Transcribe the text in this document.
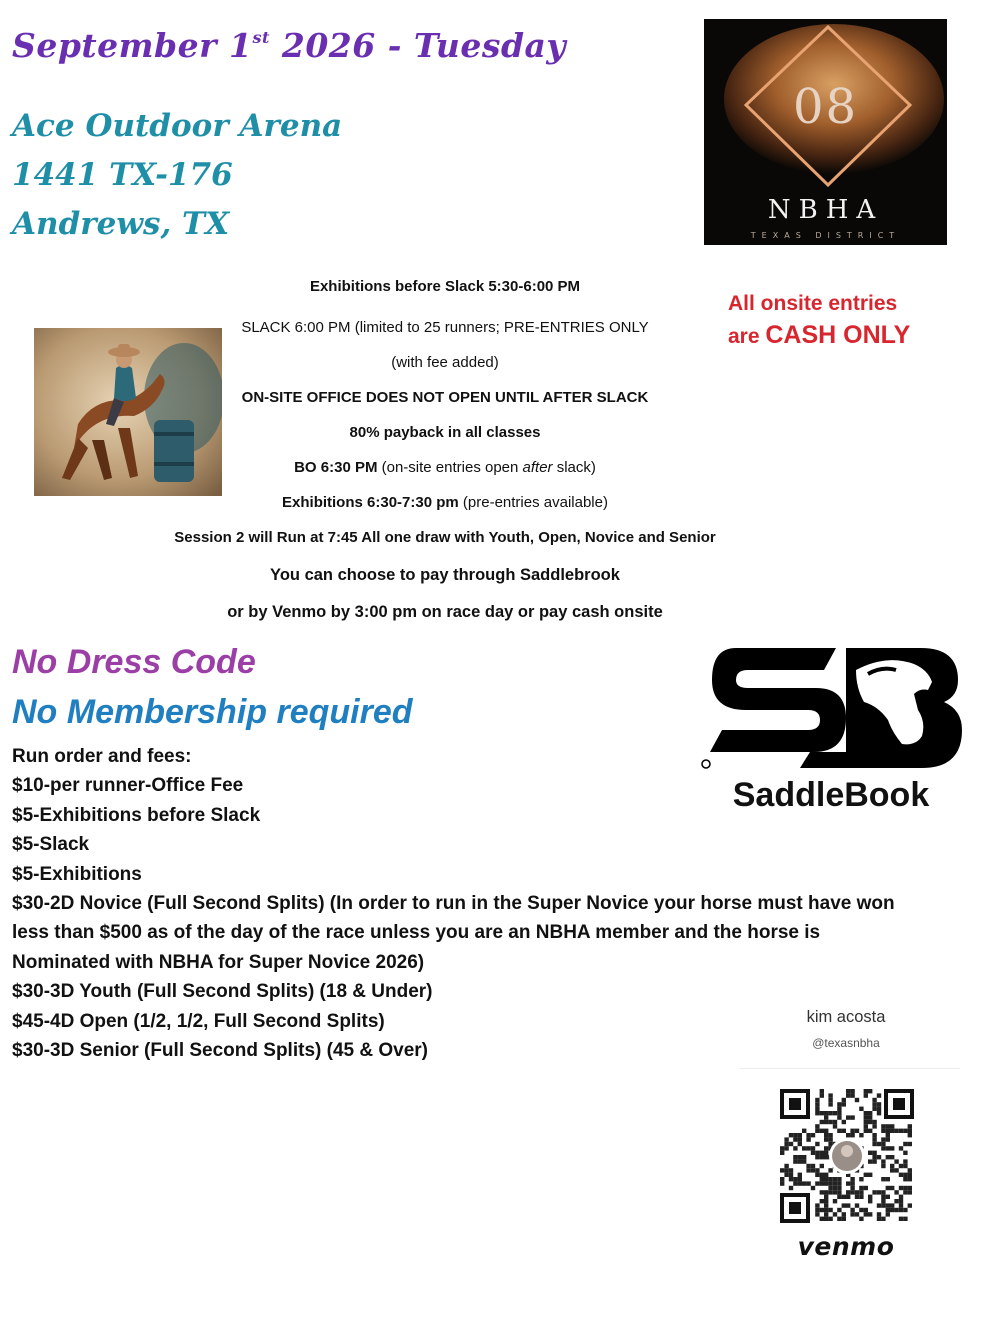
September 1st 2026 - Tuesday
Ace Outdoor Arena
1441 TX-176
Andrews, TX
08
NBHA
TEXAS DISTRICT
All onsite entries
are CASH ONLY
Exhibitions before Slack 5:30-6:00 PM
SLACK 6:00 PM (limited to 25 runners; PRE-ENTRIES ONLY
(with fee added)
ON-SITE OFFICE DOES NOT OPEN UNTIL AFTER SLACK
80% payback in all classes
BO 6:30 PM (on-site entries open after slack)
Exhibitions 6:30-7:30 pm (pre-entries available)
Session 2 will Run at 7:45 All one draw with Youth, Open, Novice and Senior
You can choose to pay through Saddlebrook
or by Venmo by 3:00 pm on race day or pay cash onsite
No Dress Code
No Membership required
Run order and fees:
$10-per runner-Office Fee
$5-Exhibitions before Slack
$5-Slack
$5-Exhibitions
$30-2D Novice (Full Second Splits) (In order to run in the Super Novice your horse must have won
less than $500 as of the day of the race unless you are an NBHA member and the horse is
Nominated with NBHA for Super Novice 2026)
$30-3D Youth (Full Second Splits) (18 & Under)
$45-4D Open (1/2, 1/2, Full Second Splits)
$30-3D Senior (Full Second Splits) (45 & Over)
SaddleBook
kim acosta
@texasnbha
venmo
